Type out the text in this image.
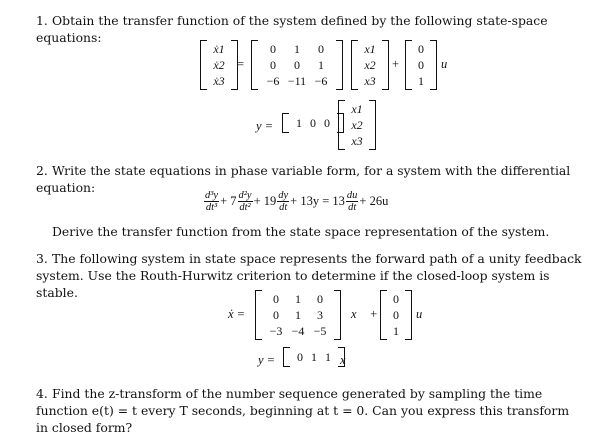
1. Obtain the transfer function of the system defined by the following state-space equations:
ẋ1
ẋ2
ẋ3
=
0	1	0
0	0	1
−6 −11 −6
x1
x2
x3
+
0
0
1
u
y =	1 0 0
x1
x2
x3
2. Write the state equations in phase variable form, for a system with the differential equation:
$\frac{\text{d³y}}{\text{dt³}} + 7 \frac{\text{d²y}}{\text{dt²}} + 19 \frac{dy}{dt} + 13y = 13 \frac{du}{dt} + 26u$
Derive the transfer function from the state space representation of the system.
3. The following system in state space represents the forward path of a unity feedback system. Use the Routh-Hurwitz criterion to determine if the closed-loop system is stable.
ẋ =
0	1	0
0	1	3
−3 −4 −5
x⃗ +
0
0
1
u
y =	0 1 1 x⃗
4. Find the z-transform of the number sequence generated by sampling the time function e(t) = t every T seconds, beginning at t = 0. Can you express this transform in closed form?
